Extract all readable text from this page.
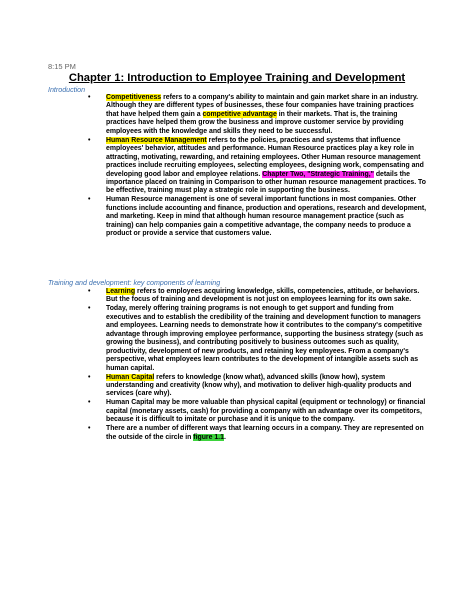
8:15 PM
Chapter 1: Introduction to Employee Training and Development
Introduction
• Competitiveness refers to a company's ability to maintain and gain market share in an industry. Although they are different types of businesses, these four companies have training practices that have helped them gain a competitive advantage in their markets. That is, the training practices have helped them grow the business and improve customer service by providing employees with the knowledge and skills they need to be successful.
• Human Resource Management refers to the policies, practices and systems that influence employees' behavior, attitudes and performance. Human Resource practices play a key role in attracting, motivating, rewarding, and retaining employees. Other Human resource management practices include recruiting employees, selecting employees, designing work, compensating and developing good labor and employee relations. Chapter Two, "Strategic Training," details the importance placed on training in Comparison to other human resource management practices. To be effective, training must play a strategic role in supporting the business.
• Human Resource management is one of several important functions in most companies. Other functions include accounting and finance, production and operations, research and development, and marketing. Keep in mind that although human resource management practice (such as training) can help companies gain a competitive advantage, the company needs to produce a product or provide a service that customers value.
Training and development: key components of learning
• Learning refers to employees acquiring knowledge, skills, competencies, attitude, or behaviors. But the focus of training and development is not just on employees learning for its own sake.
• Today, merely offering training programs is not enough to get support and funding from executives and to establish the credibility of the training and development function to managers and employees. Learning needs to demonstrate how it contributes to the company's competitive advantage through improving employee performance, supporting the business strategy (such as growing the business), and contributing positively to business outcomes such as quality, productivity, development of new products, and retaining key employees. From a company's perspective, what employees learn contributes to the development of intangible assets such as human capital.
• Human Capital refers to knowledge (know what), advanced skills (know how), system understanding and creativity (know why), and motivation to deliver high-quality products and services (care why).
• Human Capital may be more valuable than physical capital (equipment or technology) or financial capital (monetary assets, cash) for providing a company with an advantage over its competitors, because it is difficult to imitate or purchase and it is unique to the company.
• There are a number of different ways that learning occurs in a company. They are represented on the outside of the circle in figure 1.1.
